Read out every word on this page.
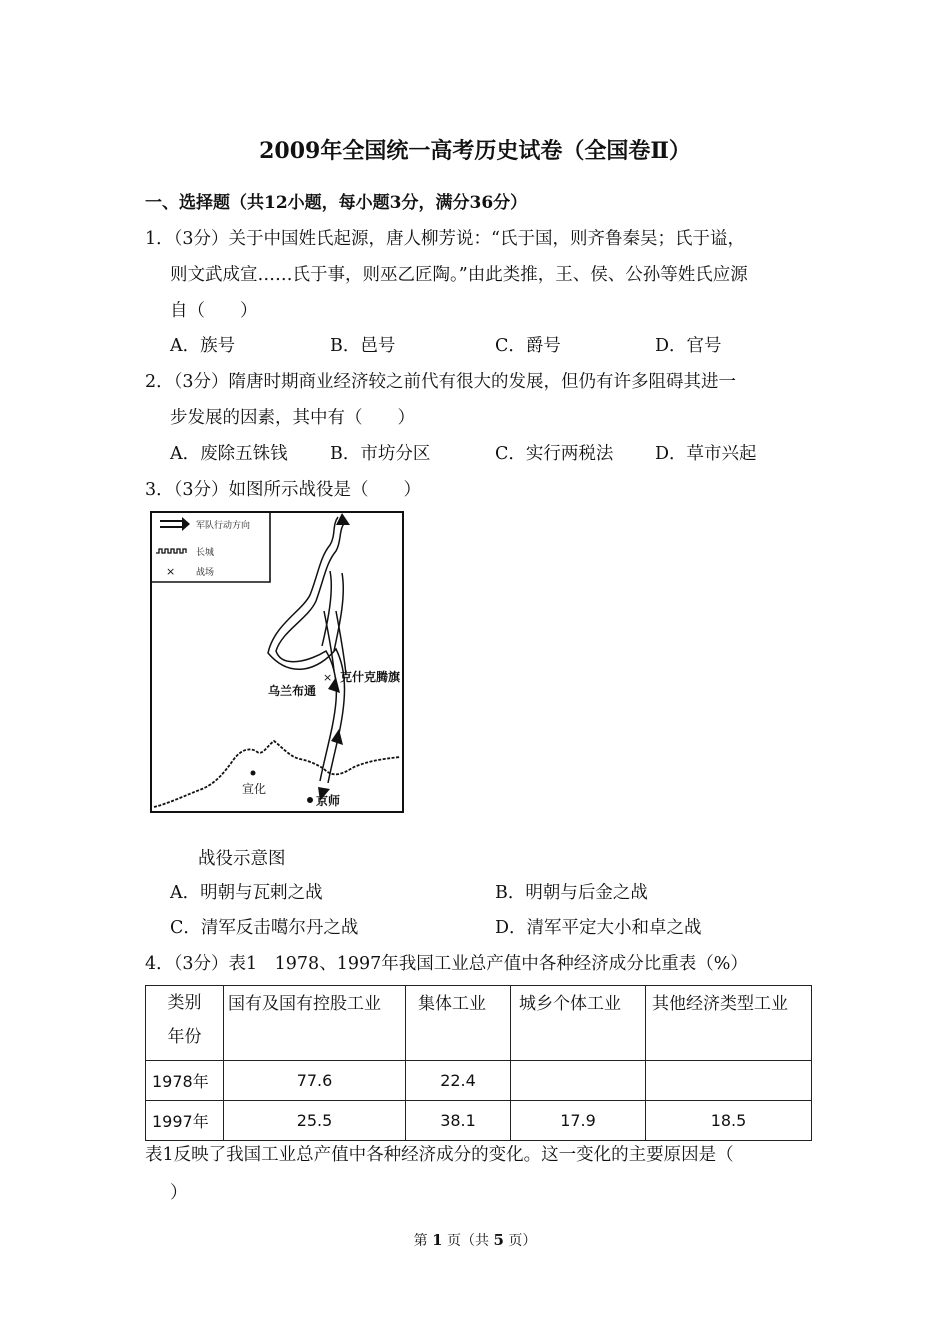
2009年全国统一高考历史试卷（全国卷Ⅱ）
一、选择题（共12小题，每小题3分，满分36分）
1．（3分）关于中国姓氏起源，唐人柳芳说：“氏于国，则齐鲁秦吴；氏于谥，
则文武成宣……氏于事，则巫乙匠陶。”由此类推，王、侯、公孙等姓氏应源
自（　　）
A．族号	B．邑号	C．爵号	D．官号
2．（3分）隋唐时期商业经济较之前代有很大的发展，但仍有许多阻碍其进一
步发展的因素，其中有（　　）
A．废除五铢钱 B．市坊分区	C．实行两税法 D．草市兴起
3．（3分）如图所示战役是（　　）
军队行动方向
长城
× 战场
× 克什克腾旗
乌兰布通
宣化
京师
战役示意图
A．明朝与瓦剌之战	B．明朝与后金之战
C．清军反击噶尔丹之战	D．清军平定大小和卓之战
4．（3分）表1　1978、1997年我国工业总产值中各种经济成分比重表（%）
类别
年份	国有及国有控股工业	集体工业	城乡个体工业	其他经济类型工业

1978年	77.6	22.4		

1997年	25.5	38.1	17.9	18.5
表1反映了我国工业总产值中各种经济成分的变化。这一变化的主要原因是（
）
第 1 页（共 5 页）
